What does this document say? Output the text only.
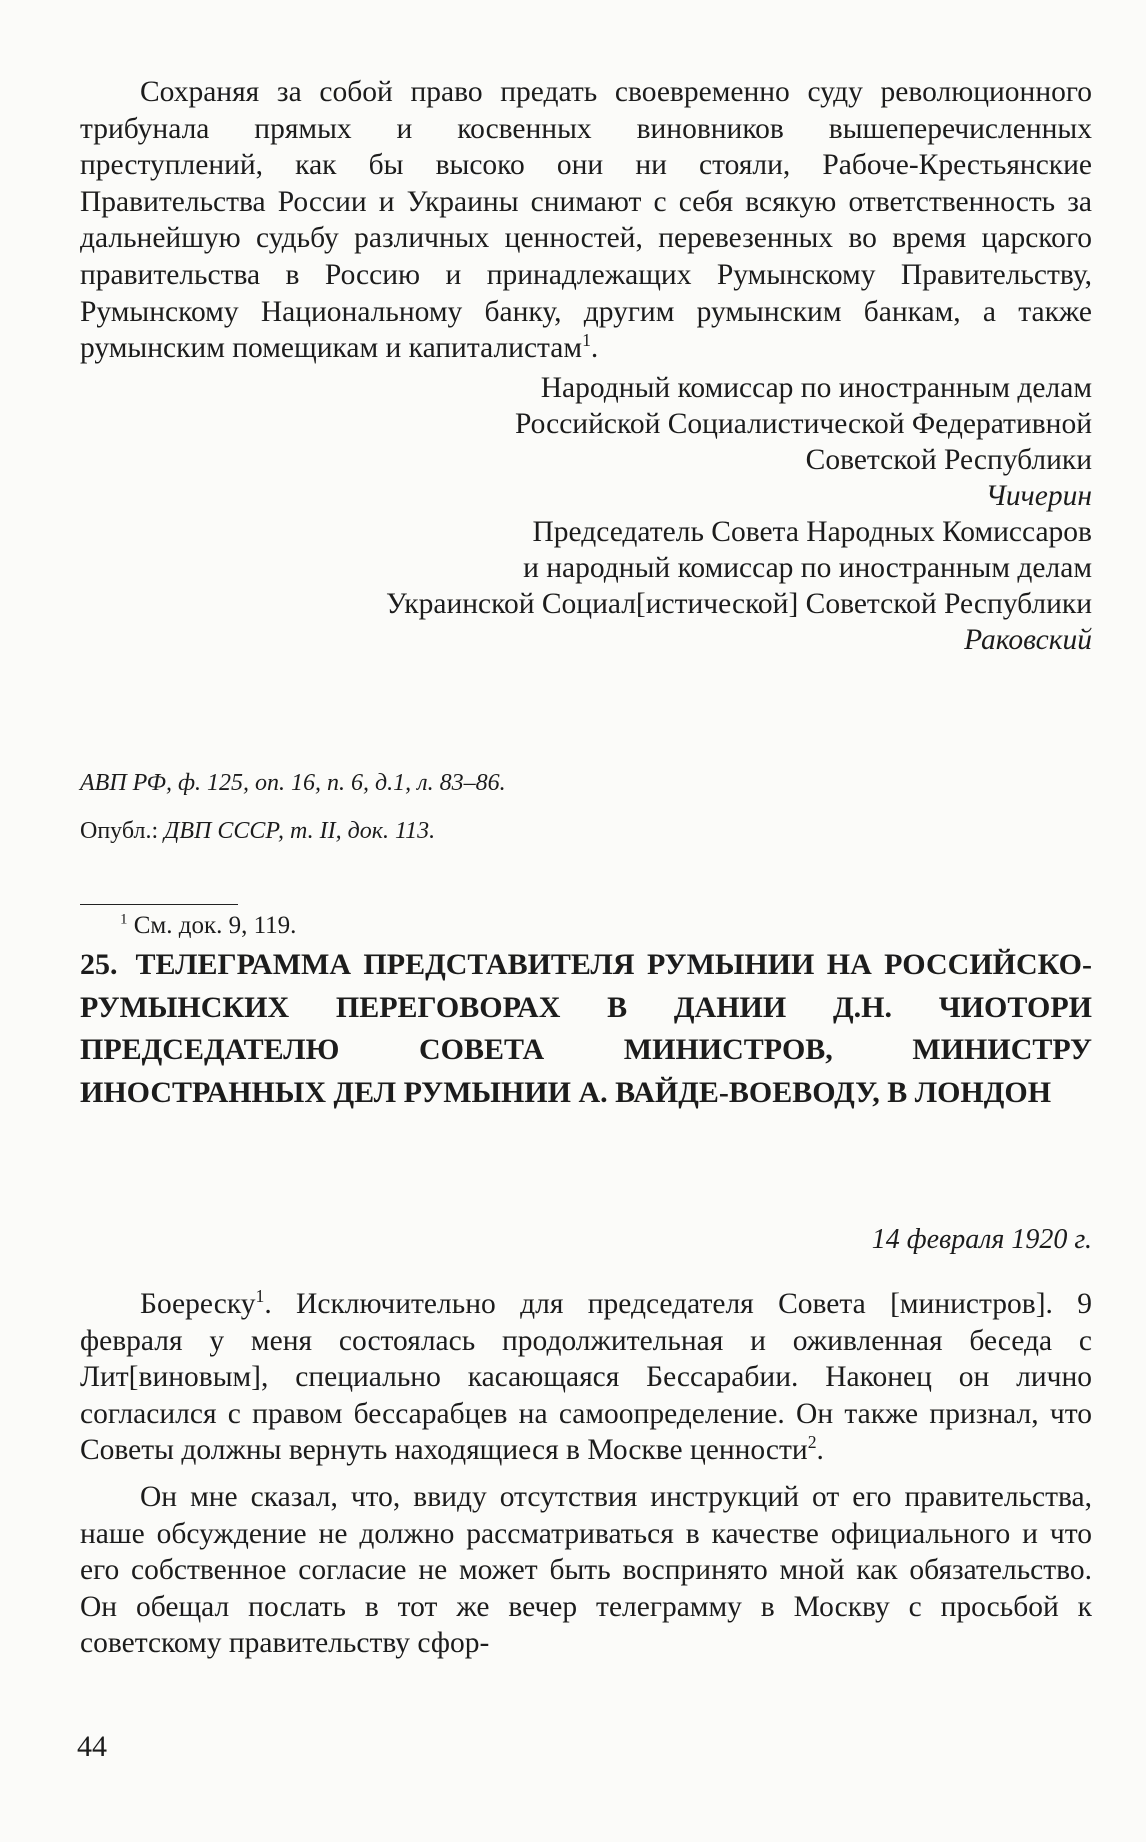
Сохраняя за собой право предать своевременно суду революционного трибунала прямых и косвенных виновников вышеперечисленных преступлений, как бы высоко они ни стояли, Рабоче-Крестьянские Правительства России и Украины снимают с себя всякую ответственность за дальнейшую судьбу различных ценностей, перевезенных во время царского правительства в Россию и принадлежащих Румынскому Правительству, Румынскому Национальному банку, другим румынским банкам, а также румынским помещикам и капиталистам$^1$.

Народный комиссар по иностранным делам
Российской Социалистической Федеративной
Советской Республики
Чичерин
Председатель Совета Народных Комиссаров
и народный комиссар по иностранным делам
Украинской Социал[истической] Советской Республики
Раковский
АВП РФ, ф. 125, оп. 16, п. 6, д.1, л. 83–86.
Опубл.: ДВП СССР, т. II, док. 113.
$^1$ См. док. 9, 119.

25. ТЕЛЕГРАММА ПРЕДСТАВИТЕЛЯ РУМЫНИИ НА РОССИЙСКО-РУМЫНСКИХ ПЕРЕГОВОРАХ В ДАНИИ Д.Н. ЧИОТОРИ ПРЕДСЕДАТЕЛЮ СОВЕТА МИНИСТРОВ, МИНИСТРУ ИНОСТРАННЫХ ДЕЛ РУМЫНИИ А. ВАЙДЕ-ВОЕВОДУ, В ЛОНДОН

14 февраля 1920 г.

Боереску$^1$. Исключительно для председателя Совета [министров]. 9 февраля у меня состоялась продолжительная и оживленная беседа с Лит[виновым], специально касающаяся Бессарабии. Наконец он лично согласился с правом бессарабцев на самоопределение. Он также признал, что Советы должны вернуть находящиеся в Москве ценности$^2$.

Он мне сказал, что, ввиду отсутствия инструкций от его правительства, наше обсуждение не должно рассматриваться в качестве официального и что его собственное согласие не может быть воспринято мной как обязательство. Он обещал послать в тот же вечер телеграмму в Москву с просьбой к советскому правительству сфор-

44
